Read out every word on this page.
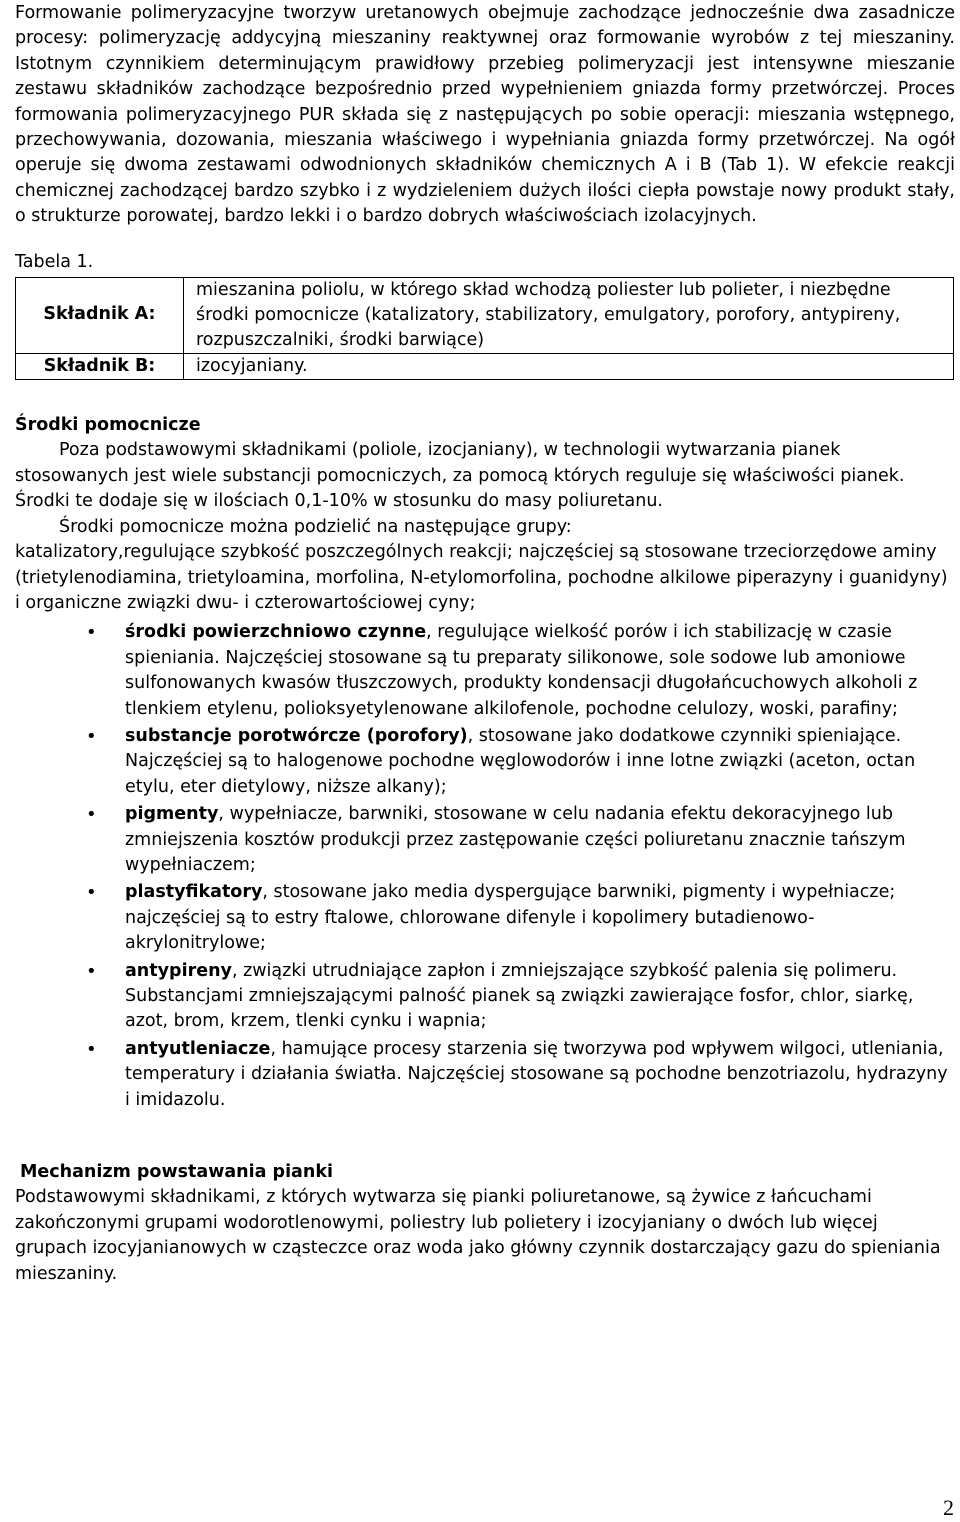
Formowanie polimeryzacyjne tworzyw uretanowych obejmuje zachodzące jednocześnie dwa zasadnicze procesy: polimeryzację addycyjną mieszaniny reaktywnej oraz formowanie wyrobów z tej mieszaniny. Istotnym czynnikiem determinującym prawidłowy przebieg polimeryzacji jest intensywne mieszanie zestawu składników zachodzące bezpośrednio przed wypełnieniem gniazda formy przetwórczej. Proces formowania polimeryzacyjnego PUR składa się z następujących po sobie operacji: mieszania wstępnego, przechowywania, dozowania, mieszania właściwego i wypełniania gniazda formy przetwórczej. Na ogół operuje się dwoma zestawami odwodnionych składników chemicznych A i B (Tab 1). W efekcie reakcji chemicznej zachodzącej bardzo szybko i z wydzieleniem dużych ilości ciepła powstaje nowy produkt stały, o strukturze porowatej, bardzo lekki i o bardzo dobrych właściwościach izolacyjnych.

Tabela 1.
Składnik A:	mieszanina poliolu, w którego skład wchodzą poliester lub polieter, i niezbędne środki pomocnicze (katalizatory, stabilizatory, emulgatory, porofory, antypireny, rozpuszczalniki, środki barwiące)
Składnik B:	izocyjaniany.
Środki pomocnicze

Poza podstawowymi składnikami (poliole, izocjaniany), w technologii wytwarzania pianek stosowanych jest wiele substancji pomocniczych, za pomocą których reguluje się właściwości pianek. Środki te dodaje się w ilościach 0,1-10% w stosunku do masy poliuretanu.

Środki pomocnicze można podzielić na następujące grupy:

katalizatory,regulujące szybkość poszczególnych reakcji; najczęściej są stosowane trzeciorzędowe aminy (trietylenodiamina, trietyloamina, morfolina, N-etylomorfolina, pochodne alkilowe piperazyny i guanidyny) i organiczne związki dwu- i czterowartościowej cyny;

• środki powierzchniowo czynne, regulujące wielkość porów i ich stabilizację w czasie spieniania. Najczęściej stosowane są tu preparaty silikonowe, sole sodowe lub amoniowe sulfonowanych kwasów tłuszczowych, produkty kondensacji długołańcuchowych alkoholi z tlenkiem etylenu, polioksyetylenowane alkilofenole, pochodne celulozy, woski, parafiny;
• substancje porotwórcze (porofory), stosowane jako dodatkowe czynniki spieniające. Najczęściej są to halogenowe pochodne węglowodorów i inne lotne związki (aceton, octan etylu, eter dietylowy, niższe alkany);
• pigmenty, wypełniacze, barwniki, stosowane w celu nadania efektu dekoracyjnego lub zmniejszenia kosztów produkcji przez zastępowanie części poliuretanu znacznie tańszym wypełniaczem;
• plastyfikatory, stosowane jako media dyspergujące barwniki, pigmenty i wypełniacze; najczęściej są to estry ftalowe, chlorowane difenyle i kopolimery butadienowo-akrylonitrylowe;
• antypireny, związki utrudniające zapłon i zmniejszające szybkość palenia się polimeru. Substancjami zmniejszającymi palność pianek są związki zawierające fosfor, chlor, siarkę, azot, brom, krzem, tlenki cynku i wapnia;
• antyutleniacze, hamujące procesy starzenia się tworzywa pod wpływem wilgoci, utleniania, temperatury i działania światła. Najczęściej stosowane są pochodne benzotriazolu, hydrazyny i imidazolu.
Mechanizm powstawania pianki

Podstawowymi składnikami, z których wytwarza się pianki poliuretanowe, są żywice z łańcuchami zakończonymi grupami wodorotlenowymi, poliestry lub polietery i izocyjaniany o dwóch lub więcej grupach izocyjanianowych w cząsteczce oraz woda jako główny czynnik dostarczający gazu do spieniania mieszaniny.

2
